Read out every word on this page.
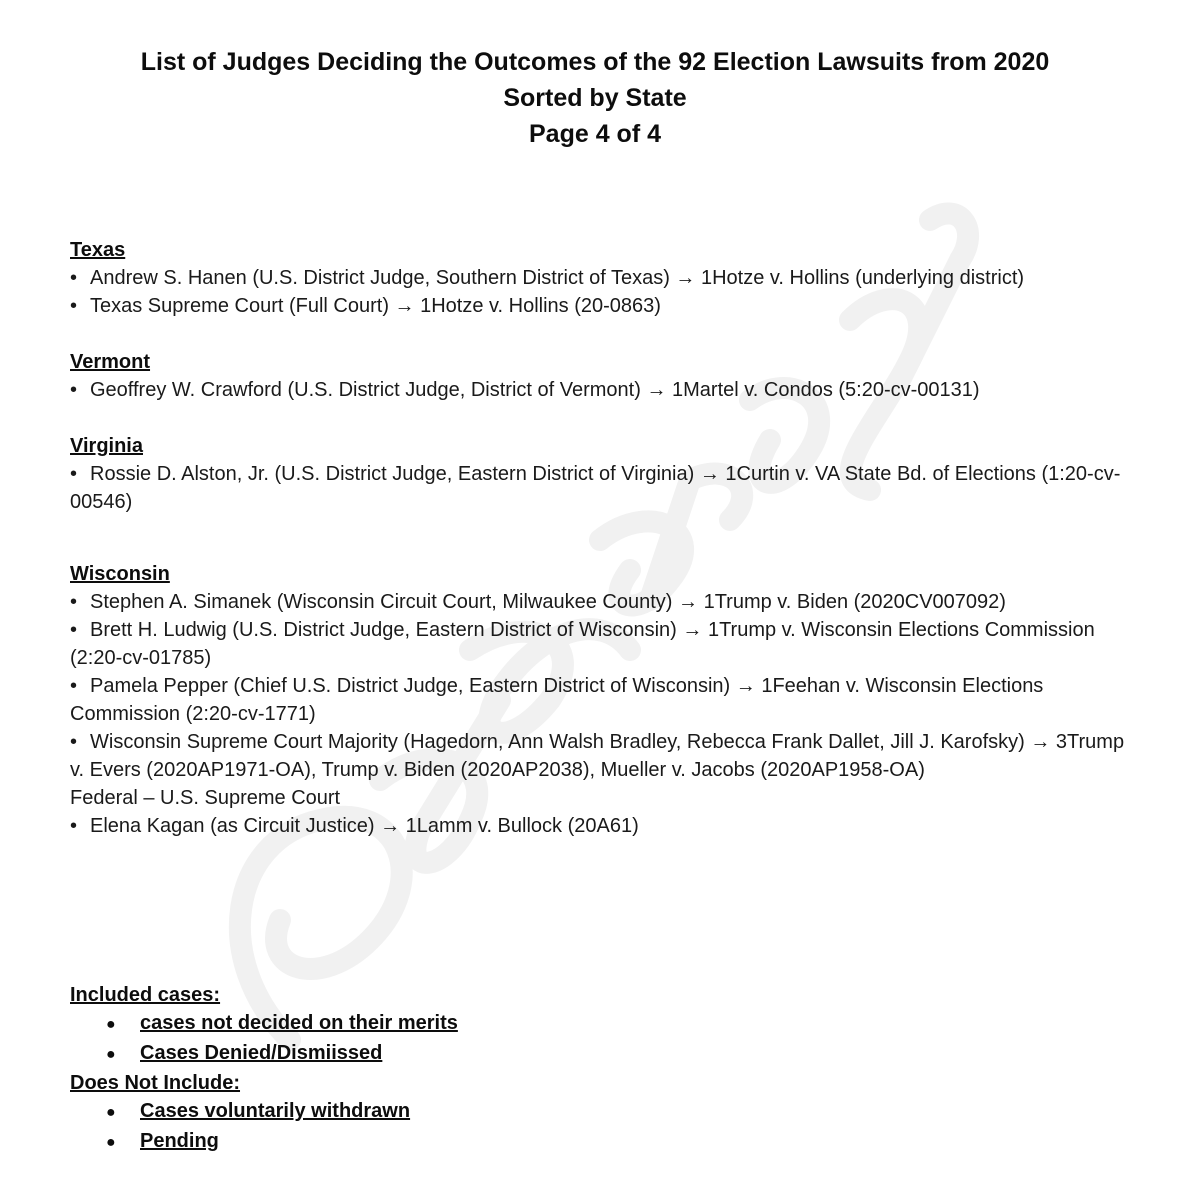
List of Judges Deciding the Outcomes of the 92 Election Lawsuits from 2020
Sorted by State
Page 4 of 4
Texas
• Andrew S. Hanen (U.S. District Judge, Southern District of Texas) → 1Hotze v. Hollins (underlying district)
• Texas Supreme Court (Full Court) → 1Hotze v. Hollins (20-0863)
Vermont
• Geoffrey W. Crawford (U.S. District Judge, District of Vermont) → 1Martel v. Condos (5:20-cv-00131)
Virginia
• Rossie D. Alston, Jr. (U.S. District Judge, Eastern District of Virginia) → 1Curtin v. VA State Bd. of Elections (1:20-cv-00546)
Wisconsin
• Stephen A. Simanek (Wisconsin Circuit Court, Milwaukee County) → 1Trump v. Biden (2020CV007092)
• Brett H. Ludwig (U.S. District Judge, Eastern District of Wisconsin) → 1Trump v. Wisconsin Elections Commission (2:20-cv-01785)
• Pamela Pepper (Chief U.S. District Judge, Eastern District of Wisconsin) → 1Feehan v. Wisconsin Elections Commission (2:20-cv-1771)
• Wisconsin Supreme Court Majority (Hagedorn, Ann Walsh Bradley, Rebecca Frank Dallet, Jill J. Karofsky) → 3Trump v. Evers (2020AP1971-OA), Trump v. Biden (2020AP2038), Mueller v. Jacobs (2020AP1958-OA)
Federal – U.S. Supreme Court
• Elena Kagan (as Circuit Justice) → 1Lamm v. Bullock (20A61)
Included cases:
● cases not decided on their merits
● Cases Denied/Dismiissed
Does Not Include:
● Cases voluntarily withdrawn
● Pending
